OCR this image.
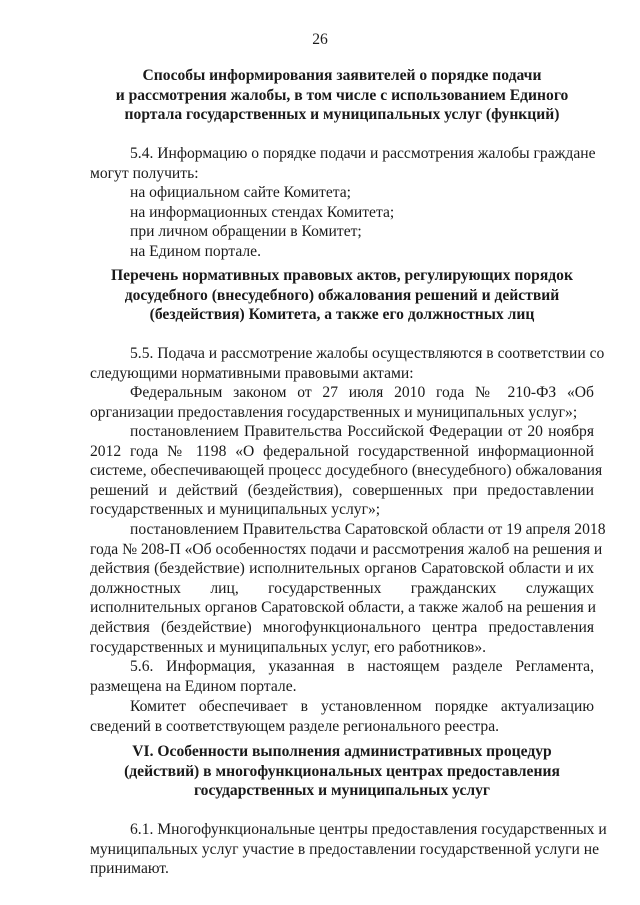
26
Способы информирования заявителей о порядке подачи
и рассмотрения жалобы, в том числе с использованием Единого
портала государственных и муниципальных услуг (функций)
5.4. Информацию о порядке подачи и рассмотрения жалобы граждане
могут получить:
на официальном сайте Комитета;
на информационных стендах Комитета;
при личном обращении в Комитет;
на Едином портале.
Перечень нормативных правовых актов, регулирующих порядок
досудебного (внесудебного) обжалования решений и действий
(бездействия) Комитета, а также его должностных лиц
5.5. Подача и рассмотрение жалобы осуществляются в соответствии со
следующими нормативными правовыми актами:
Федеральным законом от 27 июля 2010 года № 210-ФЗ «Об
организации предоставления государственных и муниципальных услуг»;
постановлением Правительства Российской Федерации от 20 ноября
2012 года № 1198 «О федеральной государственной информационной
системе, обеспечивающей процесс досудебного (внесудебного) обжалования
решений и действий (бездействия), совершенных при предоставлении
государственных и муниципальных услуг»;
постановлением Правительства Саратовской области от 19 апреля 2018
года № 208-П «Об особенностях подачи и рассмотрения жалоб на решения и
действия (бездействие) исполнительных органов Саратовской области и их
должностных лиц, государственных гражданских служащих
исполнительных органов Саратовской области, а также жалоб на решения и
действия (бездействие) многофункционального центра предоставления
государственных и муниципальных услуг, его работников».
5.6. Информация, указанная в настоящем разделе Регламента,
размещена на Едином портале.
Комитет обеспечивает в установленном порядке актуализацию
сведений в соответствующем разделе регионального реестра.
VI. Особенности выполнения административных процедур
(действий) в многофункциональных центрах предоставления
государственных и муниципальных услуг
6.1. Многофункциональные центры предоставления государственных и
муниципальных услуг участие в предоставлении государственной услуги не
принимают.
